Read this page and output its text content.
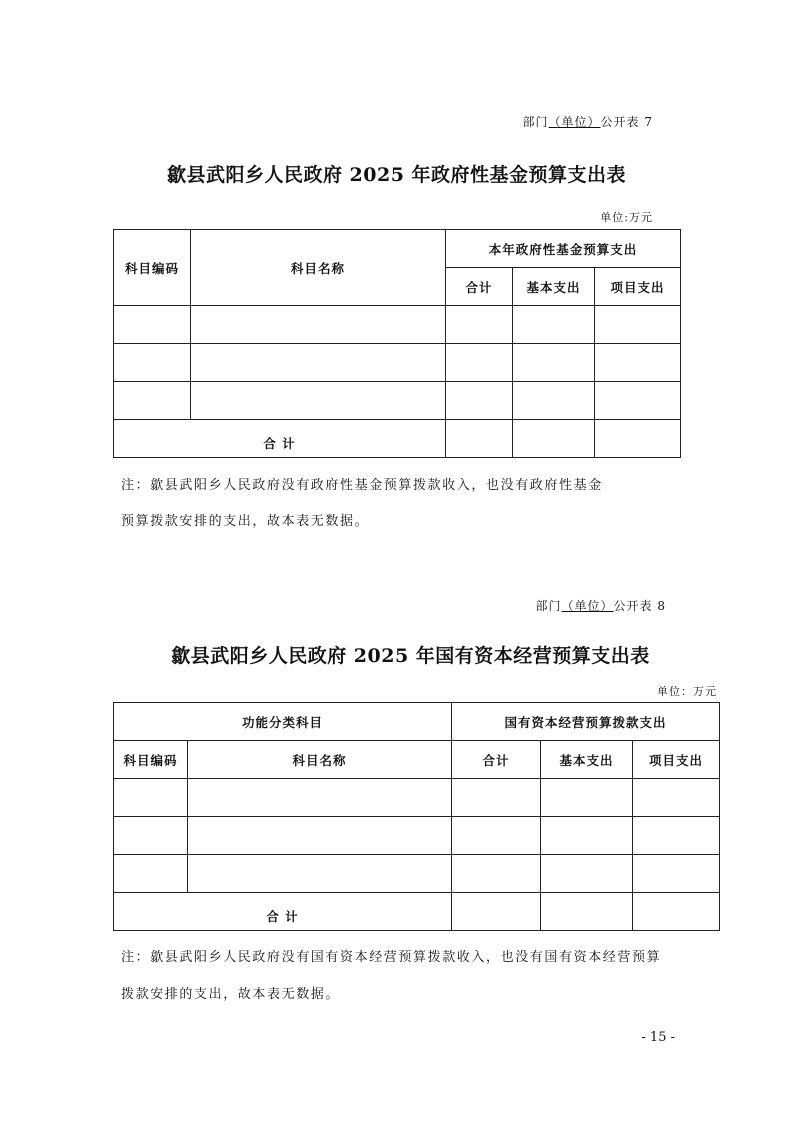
部门（单位）公开表 7
歙县武阳乡人民政府 2025 年政府性基金预算支出表
单位:万元
科目编码	科目名称	本年政府性基金预算支出		
		合计	基本支出	项目支出

合 计				
注：歙县武阳乡人民政府没有政府性基金预算拨款收入，也没有政府性基金
预算拨款安排的支出，故本表无数据。
部门（单位）公开表 8
歙县武阳乡人民政府 2025 年国有资本经营预算支出表
单位：万元
功能分类科目		国有资本经营预算拨款支出		
科目编码	科目名称	合计	基本支出	项目支出

合 计				
注：歙县武阳乡人民政府没有国有资本经营预算拨款收入，也没有国有资本经营预算
拨款安排的支出，故本表无数据。
- 15 -
